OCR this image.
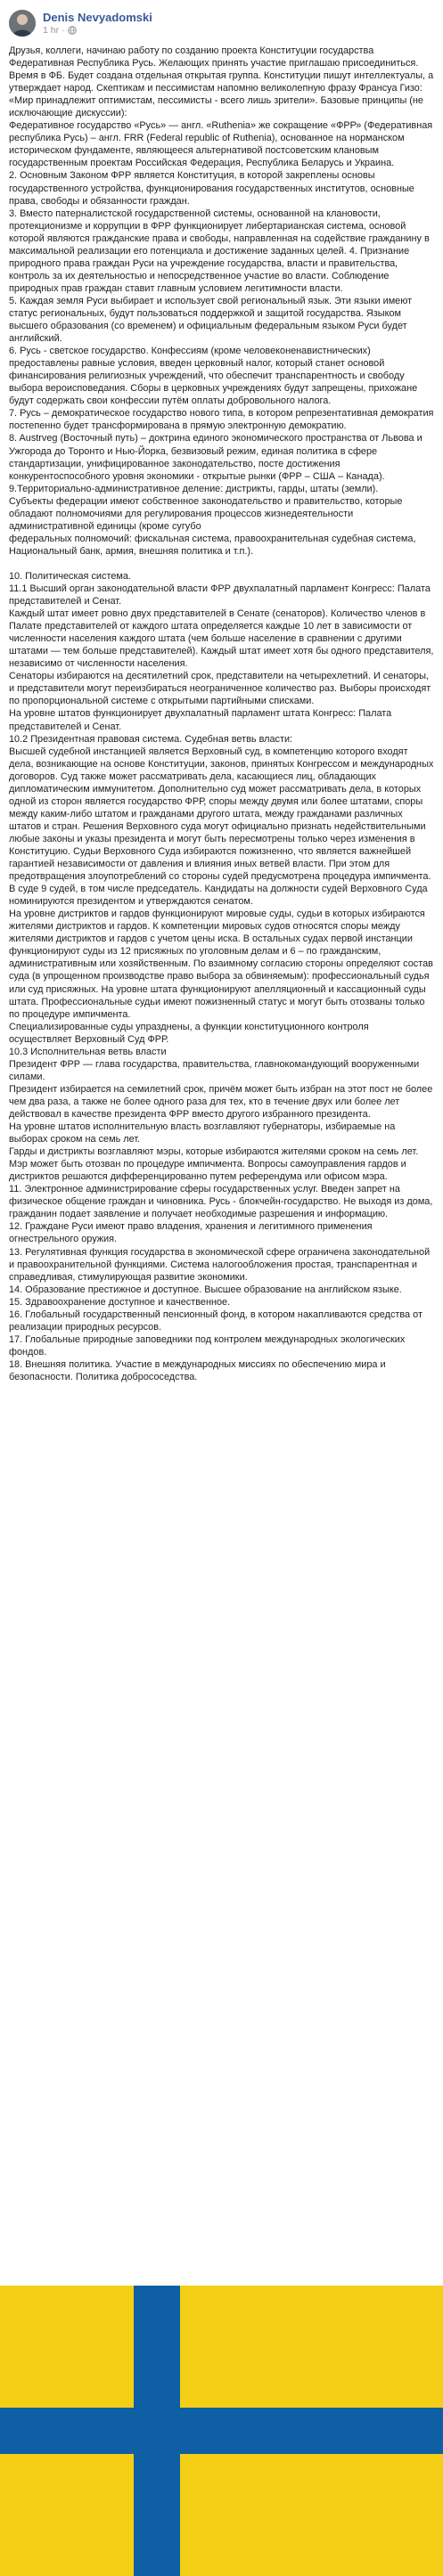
Denis Nevyadomski
1 hr ·

Друзья, коллеги, начинаю работу по созданию проекта Конституции государства Федеративная Республика Русь. Желающих принять участие приглашаю присоединиться. Время в ФБ. Будет создана отдельная открытая группа. Конституции пишут интеллектуалы, а утверждает народ. Скептикам и пессимистам напомню великолепную фразу Франсуа Гизо: «Мир принадлежит оптимистам, пессимисты - всего лишь зрители». Базовые принципы (не исключающие дискуссии):

Федеративное государство «Русь» — англ. «Ruthenia» же сокращение «ФРР» (Федеративная республика Русь) – англ. FRR (Federal republic of Ruthenia), основанное на норманском историческом фундаменте, являющееся альтернативой постсоветским клановым государственным проектам Российская Федерация, Республика Беларусь и Украина.

2. Основным Законом ФРР является Конституция, в которой закреплены основы государственного устройства, функционирования государственных институтов, основные права, свободы и обязанности граждан.

3. Вместо патерналистской государственной системы, основанной на клановости, протекционизме и коррупции в ФРР функционирует либертарианская система, основой которой являются гражданские права и свободы, направленная на содействие гражданину в максимальной реализации его потенциала и достижение заданных целей. 4. Признание природного права граждан Руси на учреждение государства, власти и правительства, контроль за их деятельностью и непосредственное участие во власти. Соблюдение природных прав граждан ставит главным условием легитимности власти.

5. Каждая земля Руси выбирает и использует свой региональный язык. Эти языки имеют статус региональных, будут пользоваться поддержкой и защитой государства. Языком высшего образования (со временем) и официальным федеральным языком Руси будет английский.

6. Русь - светское государство. Конфессиям (кроме человеконенавистнических) предоставлены равные условия, введен церковный налог, который станет основой финансирования религиозных учреждений, что обеспечит транспарентность и свободу выбора вероисповедания. Сборы в церковных учреждениях будут запрещены, прихожане будут содержать свои конфессии путём оплаты добровольного налога.

7. Русь – демократическое государство нового типа, в котором репрезентативная демократия постепенно будет трансформирована в прямую электронную демократию.

8. Austrveg (Восточный путь) – доктрина единого экономического пространства от Львова и Ужгорода до Торонто и Нью-Йорка, безвизовый режим, единая политика в сфере стандартизации, унифицированное законодательство, посте достижения конкурентоспособного уровня экономики - открытые рынки (ФРР – США – Канада).

9.Территориально-административное деление: дистрикты, гарды, штаты (земли).

Субъекты федерации имеют собственное законодательство и правительство, которые обладают полномочиями для регулирования процессов жизнедеятельности административной единицы (кроме сугубо

федеральных полномочий: фискальная система, правоохранительная судебная система, Национальный банк, армия, внешняя политика и т.п.).

10. Политическая система.

11.1 Высший орган законодательной власти ФРР двухпалатный парламент Конгресс: Палата представителей и Сенат.

Каждый штат имеет ровно двух представителей в Сенате (сенаторов). Количество членов в Палате представителей от каждого штата определяется каждые 10 лет в зависимости от численности населения каждого штата (чем больше население в сравнении с другими штатами — тем больше представителей). Каждый штат имеет хотя бы одного представителя, независимо от численности населения.

Сенаторы избираются на десятилетний срок, представители на четырехлетний. И сенаторы, и представители могут переизбираться неограниченное количество раз. Выборы происходят по пропорциональной системе с открытыми партийными списками.

На уровне штатов функционирует двухпалатный парламент штата Конгресс: Палата представителей и Сенат.

10.2 Президентная правовая система. Судебная ветвь власти:

Высшей судебной инстанцией является Верховный суд, в компетенцию которого входят дела, возникающие на основе Конституции, законов, принятых Конгрессом и международных договоров. Суд также может рассматривать дела, касающиеся лиц, обладающих дипломатическим иммунитетом. Дополнительно суд может рассматривать дела, в которых одной из сторон является государство ФРР, споры между двумя или более штатами, споры между каким-либо штатом и гражданами другого штата, между гражданами различных штатов и стран. Решения Верховного суда могут официально признать недействительными любые законы и указы президента и могут быть пересмотрены только через изменения в Конституцию. Судьи Верховного Суда избираются пожизненно, что является важнейшей гарантией независимости от давления и влияния иных ветвей власти. При этом для предотвращения злоупотреблений со стороны судей предусмотрена процедура импичмента. В суде 9 судей, в том числе председатель. Кандидаты на должности судей Верховного Суда номинируются президентом и утверждаются сенатом.

На уровне дистриктов и гардов функционируют мировые суды, судьи в которых избираются жителями дистриктов и гардов. К компетенции мировых судов относятся споры между жителями дистриктов и гардов с учетом цены иска. В остальных судах первой инстанции функционируют суды из 12 присяжных по уголовным делам и 6 – по гражданским, административным или хозяйственным. По взаимному согласию стороны определяют состав суда (в упрощенном производстве право выбора за обвиняемым): профессиональный судья или суд присяжных. На уровне штата функционируют апелляционный и кассационный суды штата. Профессиональные судьи имеют пожизненный статус и могут быть отозваны только по процедуре импичмента.

Специализированные суды упразднены, а функции конституционного контроля осуществляет Верховный Суд ФРР.

10.3 Исполнительная ветвь власти

Президент ФРР — глава государства, правительства, главнокомандующий вооруженными силами.

Президент избирается на семилетний срок, причём может быть избран на этот пост не более чем два раза, а также не более одного раза для тех, кто в течение двух или более лет действовал в качестве президента ФРР вместо другого избранного президента.

На уровне штатов исполнительную власть возглавляют губернаторы, избираемые на выборах сроком на семь лет.

Гарды и дистрикты возглавляют мэры, которые избираются жителями сроком на семь лет. Мэр может быть отозван по процедуре импичмента. Вопросы самоуправления гардов и дистриктов решаются дифференцированно путем референдума или офисом мэра.

11. Электронное администрирование сферы государственных услуг. Введен запрет на физическое общение граждан и чиновника. Русь - блокчейн-государство. Не выходя из дома, гражданин подает заявление и получает необходимые разрешения и информацию.

12. Граждане Руси имеют право владения, хранения и легитимного применения огнестрельного оружия.

13. Регулятивная функция государства в экономической сфере ограничена законодательной и правоохранительной функциями. Система налогообложения простая, транспарентная и справедливая, стимулирующая развитие экономики.

14. Образование престижное и доступное. Высшее образование на английском языке.

15. Здравоохранение доступное и качественное.

16. Глобальный государственный пенсионный фонд, в котором накапливаются средства от реализации природных ресурсов.

17. Глобальные природные заповедники под контролем международных экологических фондов.

18. Внешняя политика. Участие в международных миссиях по обеспечению мира и безопасности. Политика добрососедства.
